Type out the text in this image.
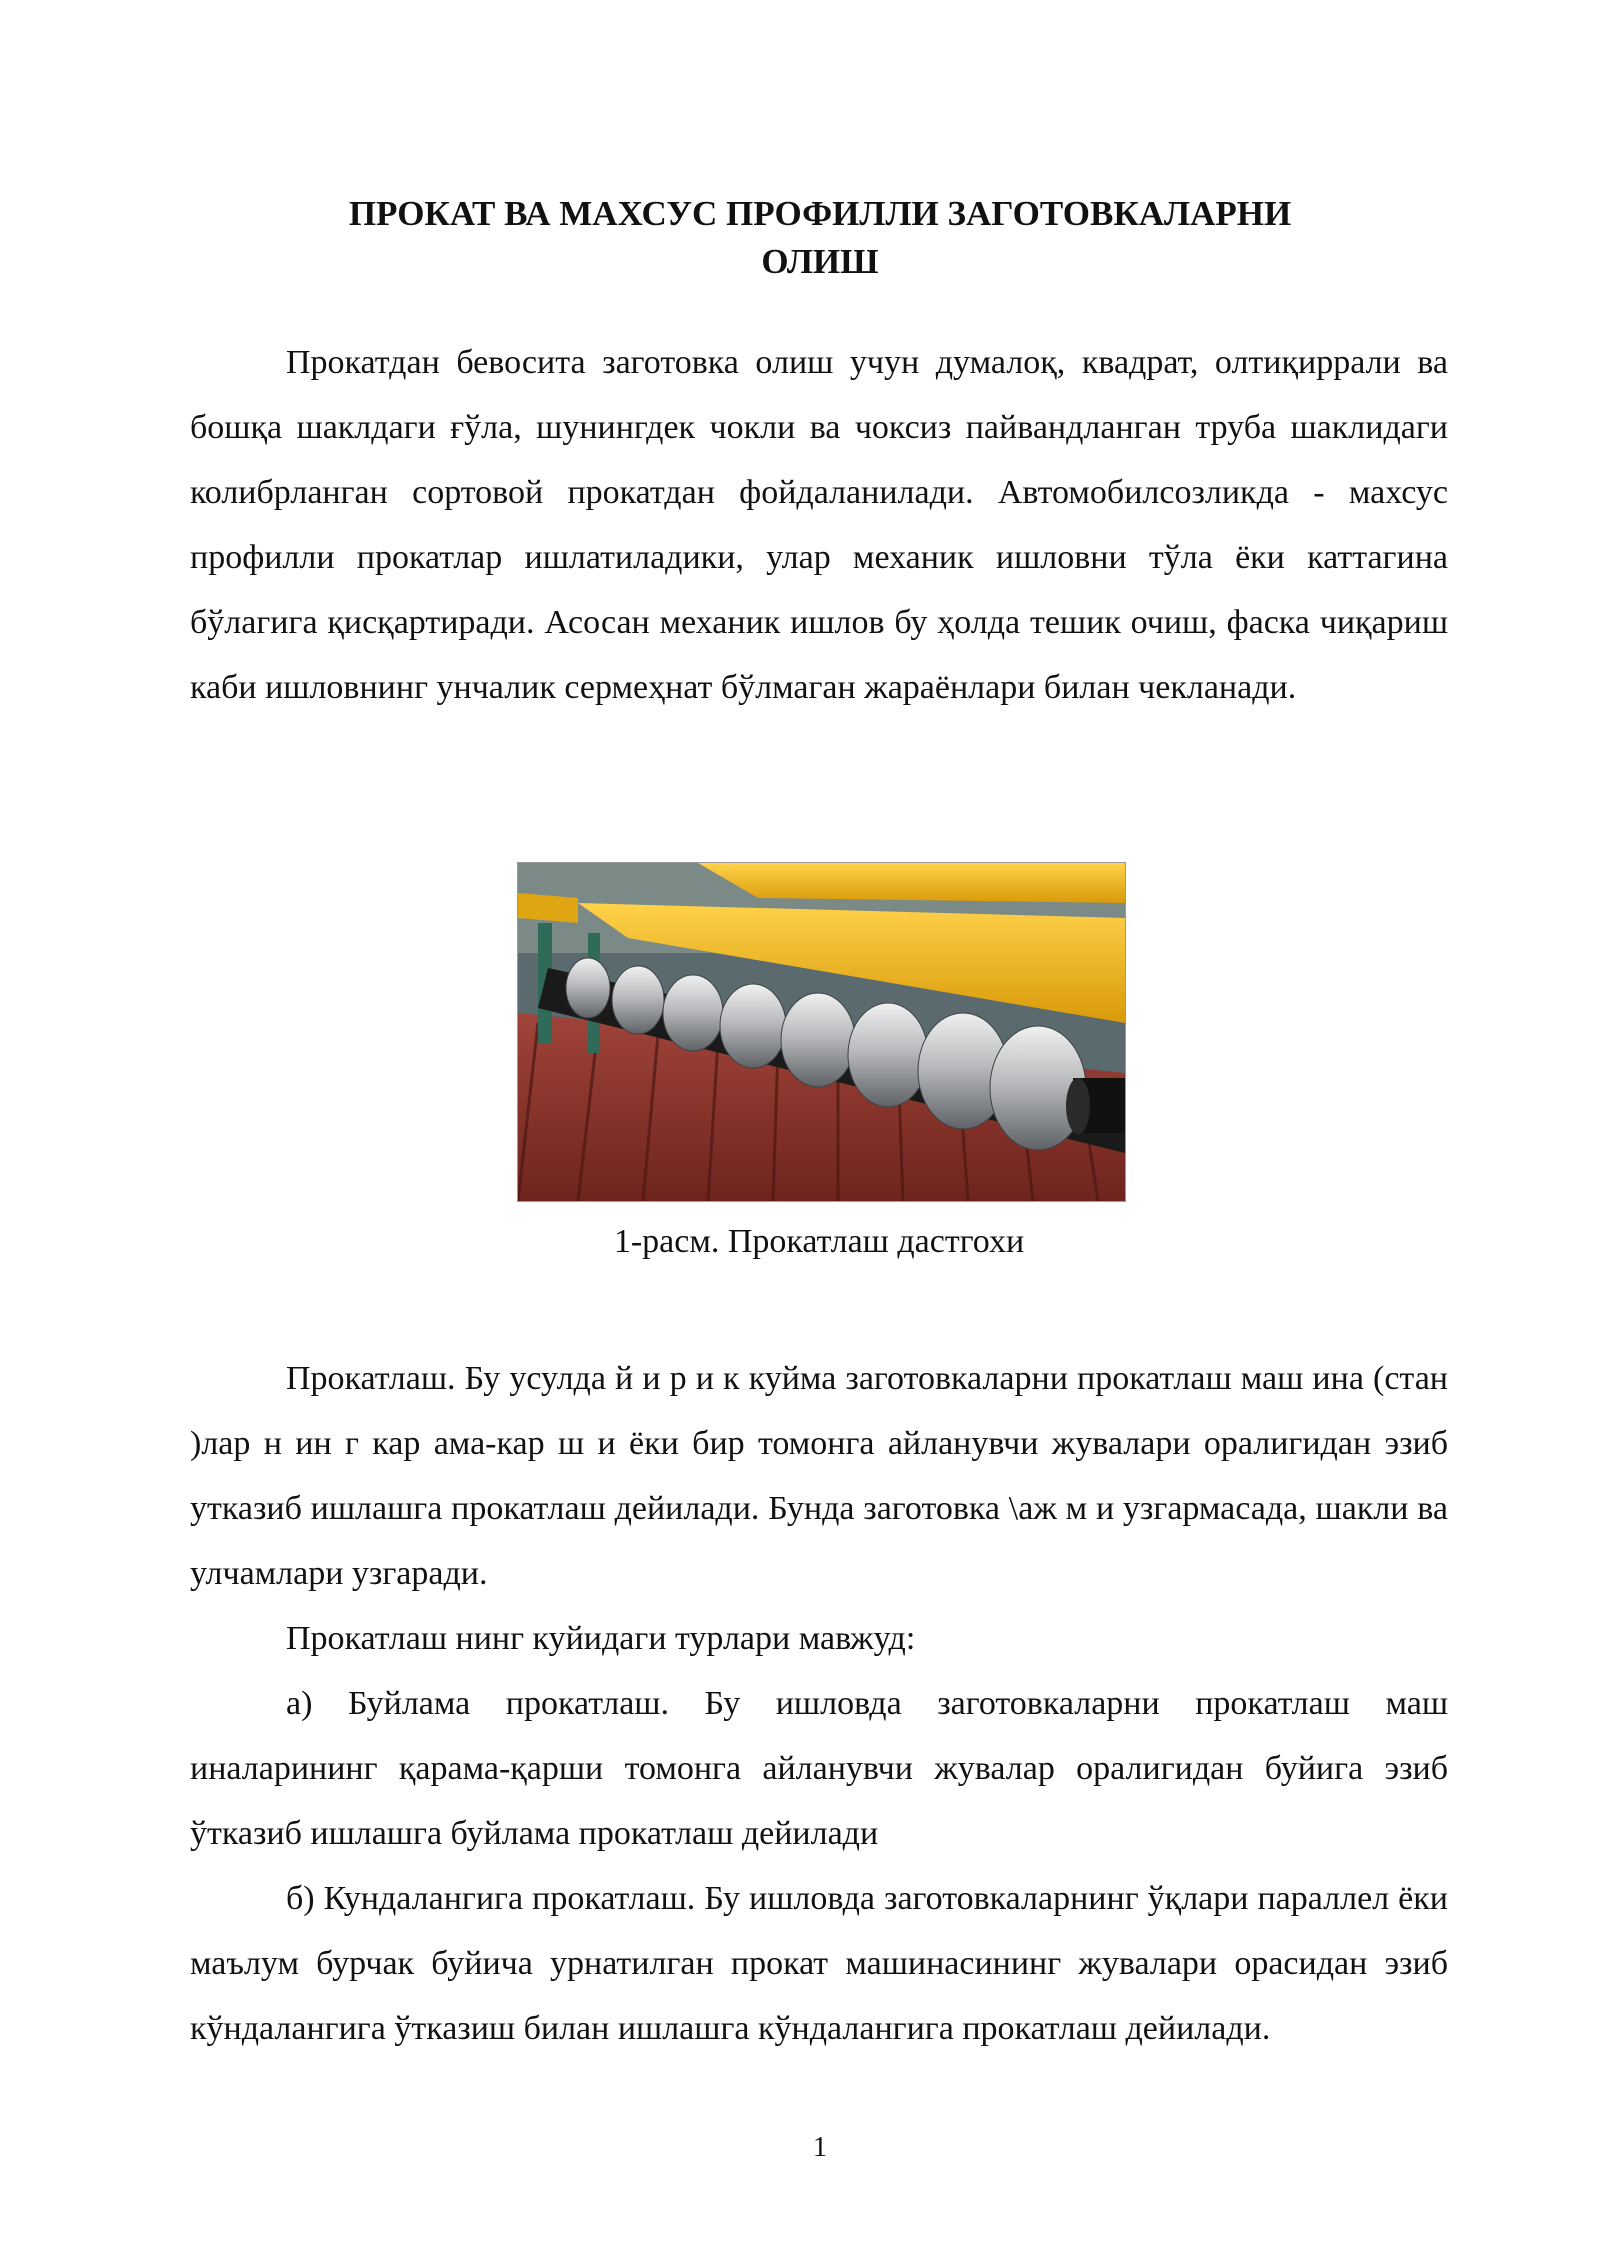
ПРОКАТ ВА МАХСУС ПРОФИЛЛИ ЗАГОТОВКАЛАРНИ
ОЛИШ

Прокатдан бевосита заготовка олиш учун думалоқ, квадрат, олтиқиррали ва бошқа шаклдаги ғўла, шунингдек чокли ва чоксиз пайвандланган труба шаклидаги колибрланган сортовой прокатдан фойдаланилади. Автомобилсозликда - махсус профилли прокатлар ишлатиладики, улар механик ишловни тўла ёки каттагина бўлагига қисқартиради. Асосан механик ишлов бу ҳолда тешик очиш, фаска чиқариш каби ишловнинг унчалик сермеҳнат бўлмаган жараёнлари билан чекланади.

1-расм. Прокатлаш дастгохи

Прокатлаш. Бу усулда й и р и к куйма заготовкаларни прокатлаш маш ина (стан )лар н ин г кар ама-кар ш и ёки бир томонга айланувчи жувалари оралигидан эзиб утказиб ишлашга прокатлаш дейилади. Бунда заготовка \аж м и узгармасада, шакли ва улчамлари узгаради.

Прокатлаш нинг куйидаги турлари мавжуд:

а) Буйлама прокатлаш. Бу ишловда заготовкаларни прокатлаш маш иналарининг қарама-қарши томонга айланувчи жувалар оралигидан буйига эзиб ўтказиб ишлашга буйлама прокатлаш дейилади

б) Кундалангига прокатлаш. Бу ишловда заготовкаларнинг ўқлари параллел ёки маълум бурчак буйича урнатилган прокат машинасининг жувалари орасидан эзиб кўндалангига ўтказиш билан ишлашга кўндалангига прокатлаш дейилади.

1
